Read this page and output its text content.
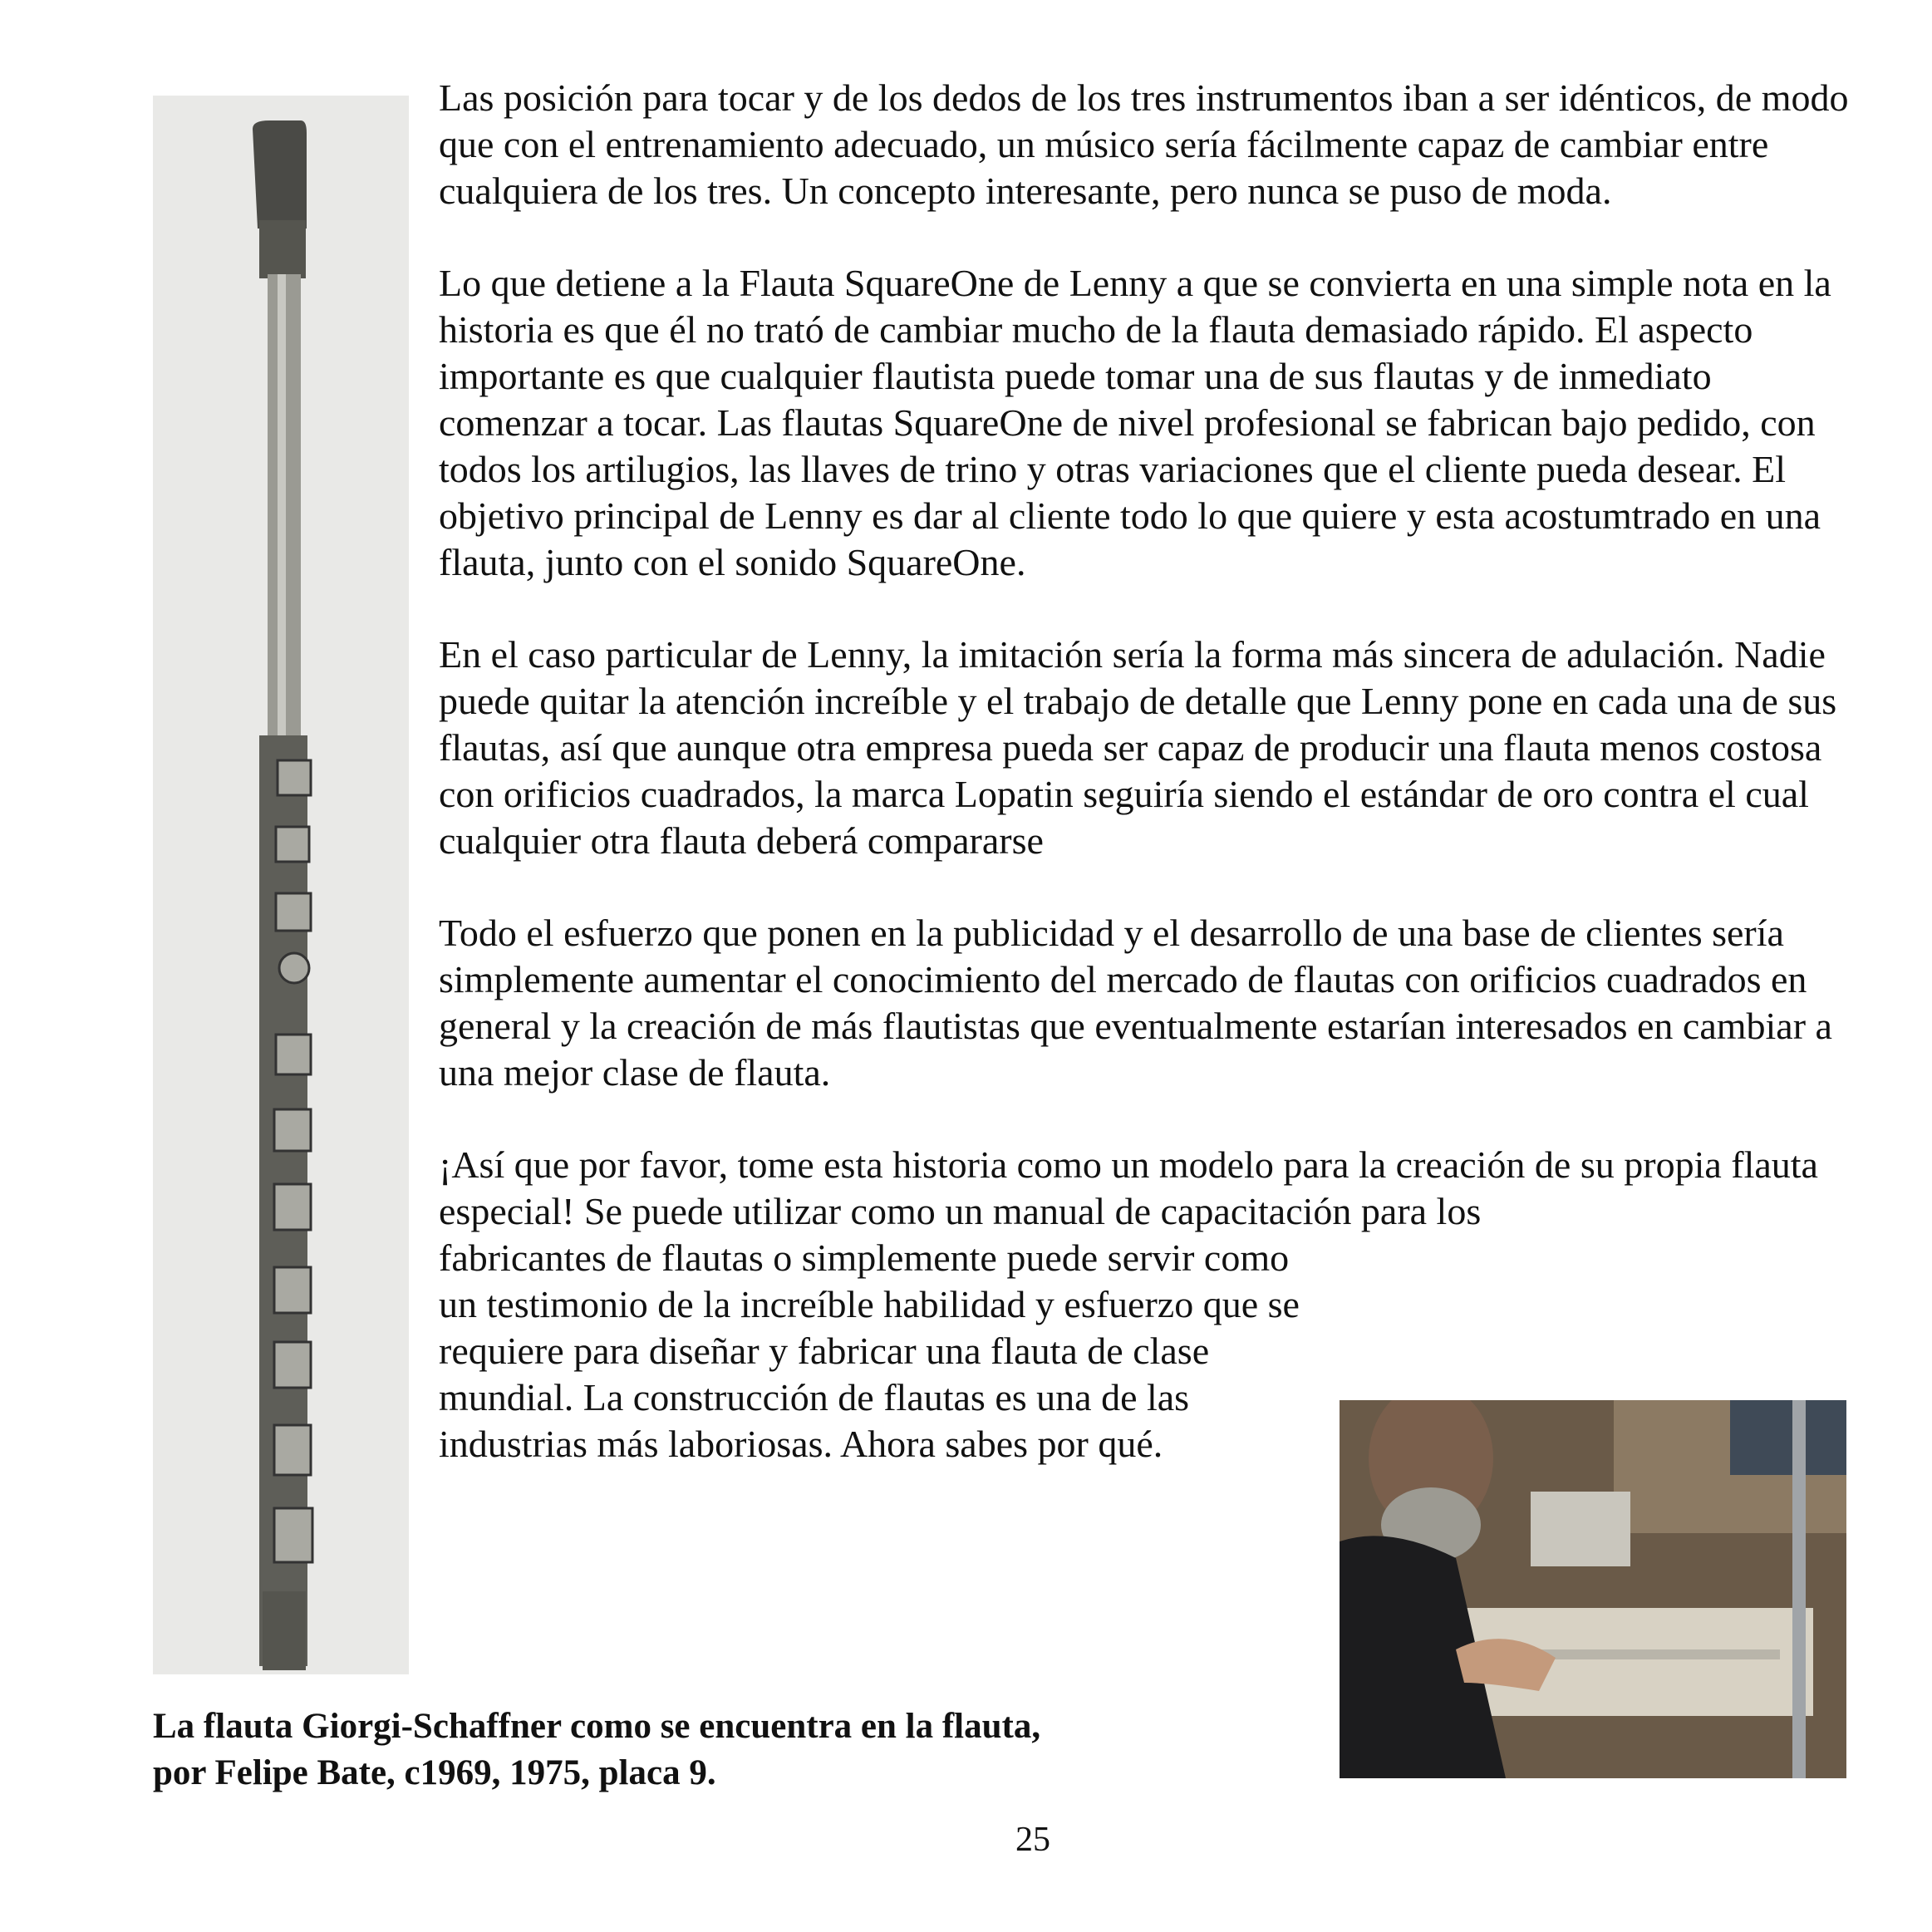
Las posición para tocar y de los dedos de los tres instrumentos iban a ser idénticos, de modo que con el entrenamiento adecuado, un músico sería fácilmente capaz de cambiar entre cualquiera de los tres. Un concepto interesante, pero nunca se puso de moda.

Lo que detiene a la Flauta SquareOne de Lenny a que se convierta en una simple nota en la historia es que él no trató de cambiar mucho de la flauta demasiado rápido. El aspecto importante es que cualquier flautista puede tomar una de sus flautas y de inmediato comenzar a tocar. Las flautas SquareOne de nivel profesional se fabrican bajo pedido, con todos los artilugios, las llaves de trino y otras variaciones que el cliente pueda desear. El objetivo principal de Lenny es dar al cliente todo lo que quiere y esta acostumtrado en una flauta, junto con el sonido SquareOne.

En el caso particular de Lenny, la imitación sería la forma más sincera de adulación. Nadie puede quitar la atención increíble y el trabajo de detalle que Lenny pone en cada una de sus flautas, así que aunque otra empresa pueda ser capaz de producir una flauta menos costosa con orificios cuadrados, la marca Lopatin seguiría siendo el estándar de oro contra el cual cualquier otra flauta deberá compararse

Todo el esfuerzo que ponen en la publicidad y el desarrollo de una base de clientes sería simplemente aumentar el conocimiento del mercado de flautas con orificios cuadrados en general y la creación de más flautistas que eventualmente estarían interesados en cambiar a una mejor clase de flauta.

¡Así que por favor, tome esta historia como un modelo para la creación de su propia flauta especial! Se puede utilizar como un manual de capacitación para los
fabricantes de flautas o simplemente puede servir como un testimonio de la increíble habilidad y esfuerzo que se requiere para diseñar y fabricar una flauta de clase mundial. La construcción de flautas es una de las industrias más laboriosas. Ahora sabes por qué.

La flauta Giorgi-Schaffner como se encuentra en la flauta,
por Felipe Bate, c1969, 1975, placa 9.
25
